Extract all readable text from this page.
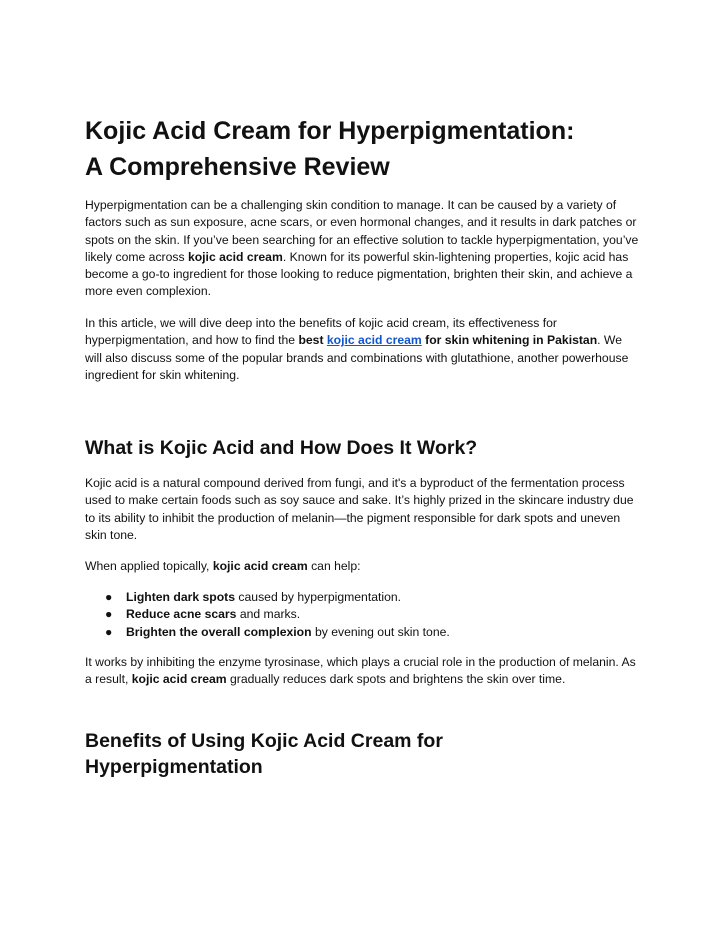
Kojic Acid Cream for Hyperpigmentation:
A Comprehensive Review

Hyperpigmentation can be a challenging skin condition to manage. It can be caused by a variety of factors such as sun exposure, acne scars, or even hormonal changes, and it results in dark patches or spots on the skin. If you’ve been searching for an effective solution to tackle hyperpigmentation, you’ve likely come across kojic acid cream. Known for its powerful skin-lightening properties, kojic acid has become a go-to ingredient for those looking to reduce pigmentation, brighten their skin, and achieve a more even complexion.

In this article, we will dive deep into the benefits of kojic acid cream, its effectiveness for hyperpigmentation, and how to find the best kojic acid cream for skin whitening in Pakistan. We will also discuss some of the popular brands and combinations with glutathione, another powerhouse ingredient for skin whitening.

What is Kojic Acid and How Does It Work?

Kojic acid is a natural compound derived from fungi, and it's a byproduct of the fermentation process used to make certain foods such as soy sauce and sake. It’s highly prized in the skincare industry due to its ability to inhibit the production of melanin—the pigment responsible for dark spots and uneven skin tone.

When applied topically, kojic acid cream can help:

● Lighten dark spots caused by hyperpigmentation.
● Reduce acne scars and marks.
● Brighten the overall complexion by evening out skin tone.

It works by inhibiting the enzyme tyrosinase, which plays a crucial role in the production of melanin. As a result, kojic acid cream gradually reduces dark spots and brightens the skin over time.

Benefits of Using Kojic Acid Cream for
Hyperpigmentation
